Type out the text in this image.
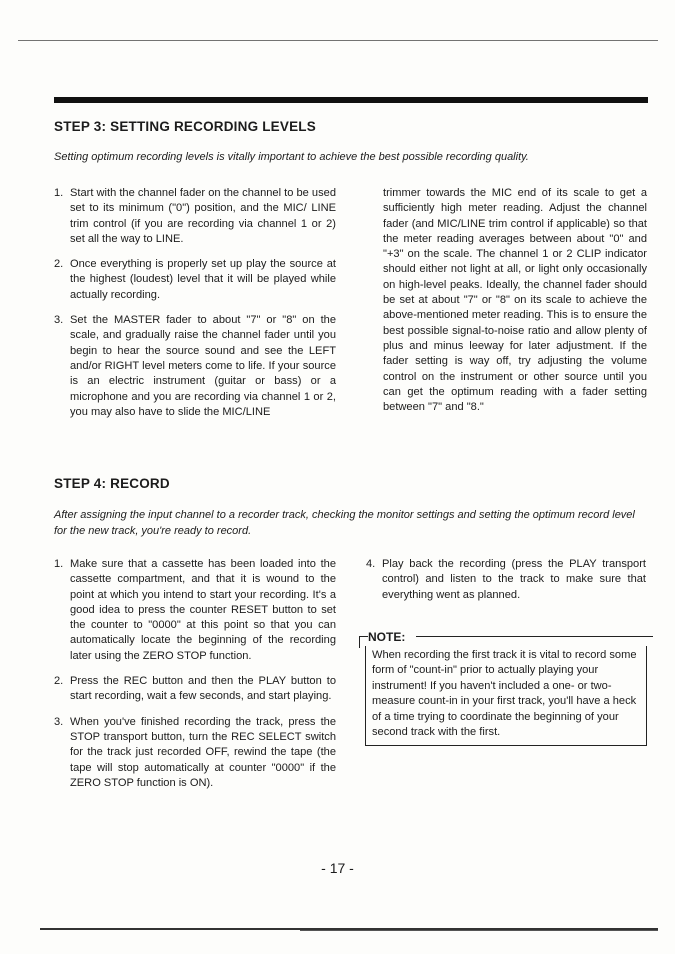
STEP 3: SETTING RECORDING LEVELS
Setting optimum recording levels is vitally important to achieve the best possible recording quality.
1. Start with the channel fader on the channel to be used set to its minimum ("0") position, and the MIC/ LINE trim control (if you are recording via channel 1 or 2) set all the way to LINE.
2. Once everything is properly set up play the source at the highest (loudest) level that it will be played while actually recording.
3. Set the MASTER fader to about "7" or "8" on the scale, and gradually raise the channel fader until you begin to hear the source sound and see the LEFT and/or RIGHT level meters come to life. If your source is an electric instrument (guitar or bass) or a microphone and you are recording via channel 1 or 2, you may also have to slide the MIC/LINE
trimmer towards the MIC end of its scale to get a sufficiently high meter reading. Adjust the channel fader (and MIC/LINE trim control if applicable) so that the meter reading averages between about "0" and "+3" on the scale. The channel 1 or 2 CLIP indicator should either not light at all, or light only occasionally on high-level peaks. Ideally, the channel fader should be set at about "7" or "8" on its scale to achieve the above-mentioned meter reading. This is to ensure the best possible signal-to-noise ratio and allow plenty of plus and minus leeway for later adjustment. If the fader setting is way off, try adjusting the volume control on the instrument or other source until you can get the optimum reading with a fader setting between "7" and "8."
STEP 4: RECORD
After assigning the input channel to a recorder track, checking the monitor settings and setting the optimum record level for the new track, you're ready to record.
1. Make sure that a cassette has been loaded into the cassette compartment, and that it is wound to the point at which you intend to start your recording. It's a good idea to press the counter RESET button to set the counter to "0000" at this point so that you can automatically locate the beginning of the recording later using the ZERO STOP function.
2. Press the REC button and then the PLAY button to start recording, wait a few seconds, and start playing.
3. When you've finished recording the track, press the STOP transport button, turn the REC SELECT switch for the track just recorded OFF, rewind the tape (the tape will stop automatically at counter "0000" if the ZERO STOP function is ON).
4. Play back the recording (press the PLAY transport control) and listen to the track to make sure that everything went as planned.
NOTE:
When recording the first track it is vital to record some form of "count-in" prior to actually playing your instrument! If you haven't included a one- or two-measure count-in in your first track, you'll have a heck of a time trying to coordinate the beginning of your second track with the first.
- 17 -
